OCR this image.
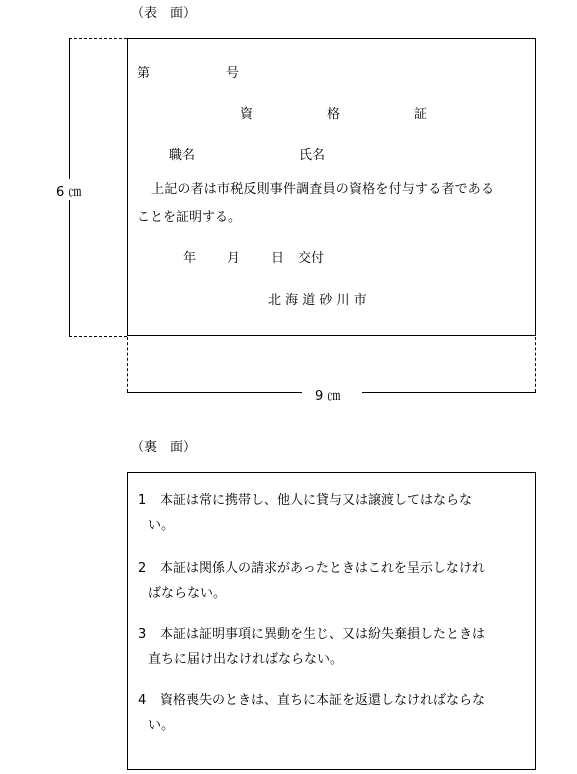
（表　面）
6 ㎝
第	号
資	格	証
職名	氏名
上記の者は市税反則事件調査員の資格を付与する者である
ことを証明する。
年 月 日 交付
北 海 道 砂 川 市
9 ㎝
（裏　面）
1 本証は常に携帯し、他人に貸与又は譲渡してはならな
い。
2 本証は関係人の請求があったときはこれを呈示しなけれ
ばならない。
3 本証は証明事項に異動を生じ、又は紛失棄損したときは
直ちに届け出なければならない。
4 資格喪失のときは、直ちに本証を返還しなければならな
い。
